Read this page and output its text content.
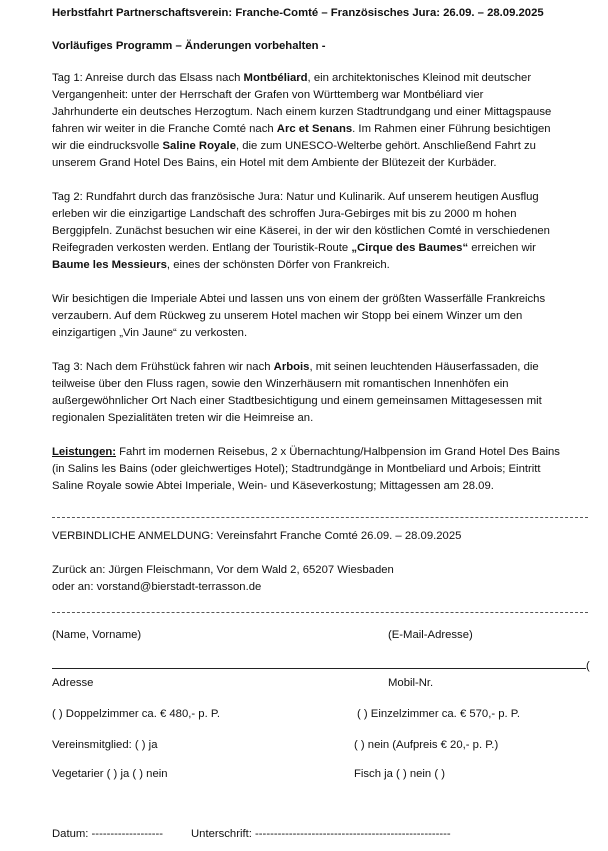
Herbstfahrt Partnerschaftsverein: Franche-Comté – Französisches Jura: 26.09. – 28.09.2025
Vorläufiges Programm – Änderungen vorbehalten -
Tag 1: Anreise durch das Elsass nach Montbéliard, ein architektonisches Kleinod mit deutscher
Vergangenheit: unter der Herrschaft der Grafen von Württemberg war Montbéliard vier
Jahrhunderte ein deutsches Herzogtum. Nach einem kurzen Stadtrundgang und einer Mittagspause
fahren wir weiter in die Franche Comté nach Arc et Senans. Im Rahmen einer Führung besichtigen
wir die eindrucksvolle Saline Royale, die zum UNESCO-Welterbe gehört. Anschließend Fahrt zu
unserem Grand Hotel Des Bains, ein Hotel mit dem Ambiente der Blütezeit der Kurbäder.
Tag 2: Rundfahrt durch das französische Jura: Natur und Kulinarik. Auf unserem heutigen Ausflug
erleben wir die einzigartige Landschaft des schroffen Jura-Gebirges mit bis zu 2000 m hohen
Berggipfeln. Zunächst besuchen wir eine Käserei, in der wir den köstlichen Comté in verschiedenen
Reifegraden verkosten werden. Entlang der Touristik-Route „Cirque des Baumes“ erreichen wir
Baume les Messieurs, eines der schönsten Dörfer von Frankreich.
Wir besichtigen die Imperiale Abtei und lassen uns von einem der größten Wasserfälle Frankreichs
verzaubern. Auf dem Rückweg zu unserem Hotel machen wir Stopp bei einem Winzer um den
einzigartigen „Vin Jaune“ zu verkosten.
Tag 3: Nach dem Frühstück fahren wir nach Arbois, mit seinen leuchtenden Häuserfassaden, die
teilweise über den Fluss ragen, sowie den Winzerhäusern mit romantischen Innenhöfen ein
außergewöhnlicher Ort Nach einer Stadtbesichtigung und einem gemeinsamen Mittagesessen mit
regionalen Spezialitäten treten wir die Heimreise an.
Leistungen: Fahrt im modernen Reisebus, 2 x Übernachtung/Halbpension im Grand Hotel Des Bains
(in Salins les Bains (oder gleichwertiges Hotel); Stadtrundgänge in Montbeliard und Arbois; Eintritt
Saline Royale sowie Abtei Imperiale, Wein- und Käseverkostung; Mittagessen am 28.09.
VERBINDLICHE ANMELDUNG: Vereinsfahrt Franche Comté 26.09. – 28.09.2025
Zurück an: Jürgen Fleischmann, Vor dem Wald 2, 65207 Wiesbaden
oder an: vorstand@bierstadt-terrasson.de
(Name, Vorname)	(E-Mail-Adresse)
(
Adresse	Mobil-Nr.
( ) Doppelzimmer ca. € 480,- p. P.	( ) Einzelzimmer ca. € 570,- p. P.
Vereinsmitglied: ( ) ja	( ) nein (Aufpreis € 20,- p. P.)
Vegetarier ( ) ja ( ) nein	Fisch ja ( ) nein ( )
Datum: ------------------- Unterschrift: ----------------------------------------------------
